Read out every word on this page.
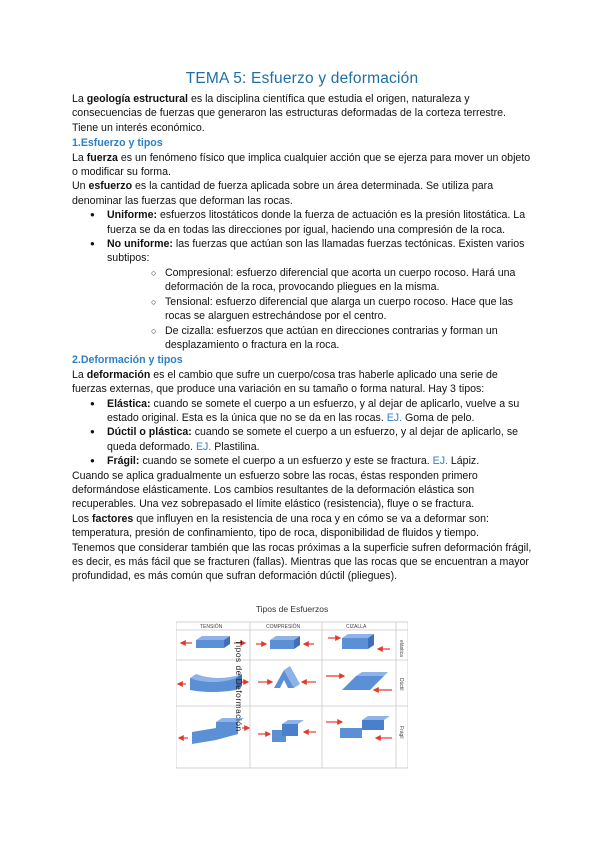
TEMA 5: Esfuerzo y deformación

La geología estructural es la disciplina científica que estudia el origen, naturaleza y consecuencias de fuerzas que generaron las estructuras deformadas de la corteza terrestre. Tiene un interés económico.

1.Esfuerzo y tipos

La fuerza es un fenómeno físico que implica cualquier acción que se ejerza para mover un objeto o modificar su forma.

Un esfuerzo es la cantidad de fuerza aplicada sobre un área determinada. Se utiliza para denominar las fuerzas que deforman las rocas.

● Uniforme: esfuerzos litostáticos donde la fuerza de actuación es la presión litostática. La fuerza se da en todas las direcciones por igual, haciendo una compresión de la roca.
● No uniforme: las fuerzas que actúan son las llamadas fuerzas tectónicas. Existen varios subtipos:
○ Compresional: esfuerzo diferencial que acorta un cuerpo rocoso. Hará una deformación de la roca, provocando pliegues en la misma.
○ Tensional: esfuerzo diferencial que alarga un cuerpo rocoso. Hace que las rocas se alarguen estrechándose por el centro.
○ De cizalla: esfuerzos que actúan en direcciones contrarias y forman un desplazamiento o fractura en la roca.
2.Deformación y tipos

La deformación es el cambio que sufre un cuerpo/cosa tras haberle aplicado una serie de fuerzas externas, que produce una variación en su tamaño o forma natural. Hay 3 tipos:

● Elástica: cuando se somete el cuerpo a un esfuerzo, y al dejar de aplicarlo, vuelve a su estado original. Esta es la única que no se da en las rocas. EJ. Goma de pelo.
● Dúctil o plástica: cuando se somete el cuerpo a un esfuerzo, y al dejar de aplicarlo, se queda deformado. EJ. Plastilina.
● Frágil: cuando se somete el cuerpo a un esfuerzo y este se fractura. EJ. Lápiz.

Cuando se aplica gradualmente un esfuerzo sobre las rocas, éstas responden primero deformándose elásticamente. Los cambios resultantes de la deformación elástica son recuperables. Una vez sobrepasado el límite elástico (resistencia), fluye o se fractura.

Los factores que influyen en la resistencia de una roca y en cómo se va a deformar son: temperatura, presión de confinamiento, tipo de roca, disponibilidad de fluidos y tiempo.

Tenemos que considerar también que las rocas próximas a la superficie sufren deformación frágil, es decir, es más fácil que se fracturen (fallas). Mientras que las rocas que se encuentran a mayor profundidad, es más común que sufran deformación dúctil (pliegues).

Tipos de Esfuerzos
TENSIÓN	COMPRESIÓN	CIZALLA
elástica
Dúctil
Frágil
Tipos de Deformación
